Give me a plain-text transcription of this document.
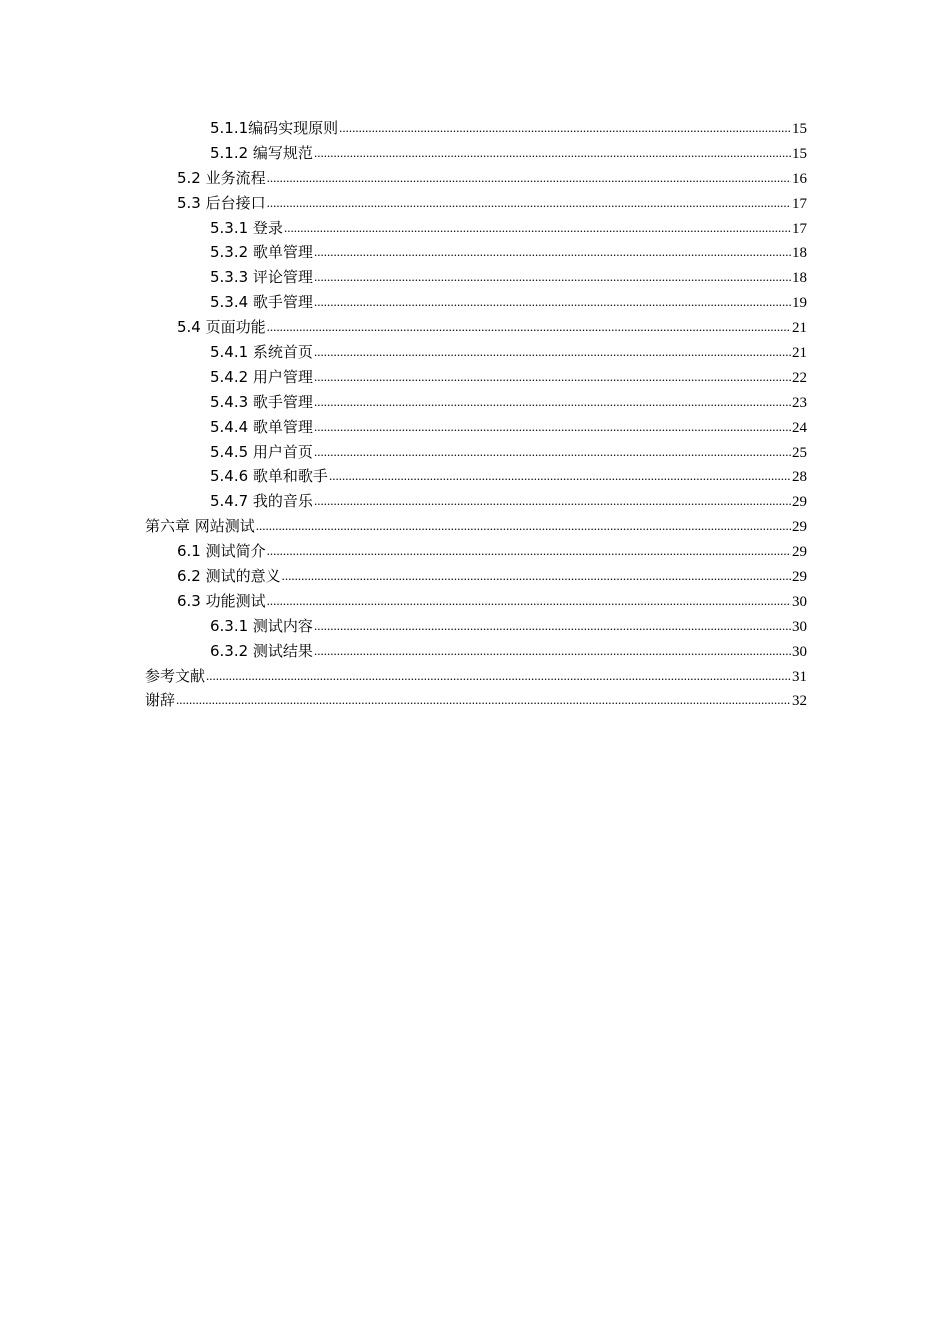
5.1.1编码实现原则 .....	15
5.1.2 编写规范 .....	15
5.2 业务流程 .....	16
5.3 后台接口 .....	17
5.3.1 登录 .....	17
5.3.2 歌单管理 .....	18
5.3.3 评论管理 .....	18
5.3.4 歌手管理 .....	19
5.4 页面功能 .....	21
5.4.1 系统首页 .....	21
5.4.2 用户管理 .....	22
5.4.3 歌手管理 .....	23
5.4.4 歌单管理 .....	24
5.4.5 用户首页 .....	25
5.4.6 歌单和歌手 .....	28
5.4.7 我的音乐 .....	29
第六章 网站测试 .....	29
6.1 测试简介 .....	29
6.2 测试的意义 .....	29
6.3 功能测试 .....	30
6.3.1 测试内容 .....	30
6.3.2 测试结果 .....	30
参考文献 .....	31
谢辞 .....	32
